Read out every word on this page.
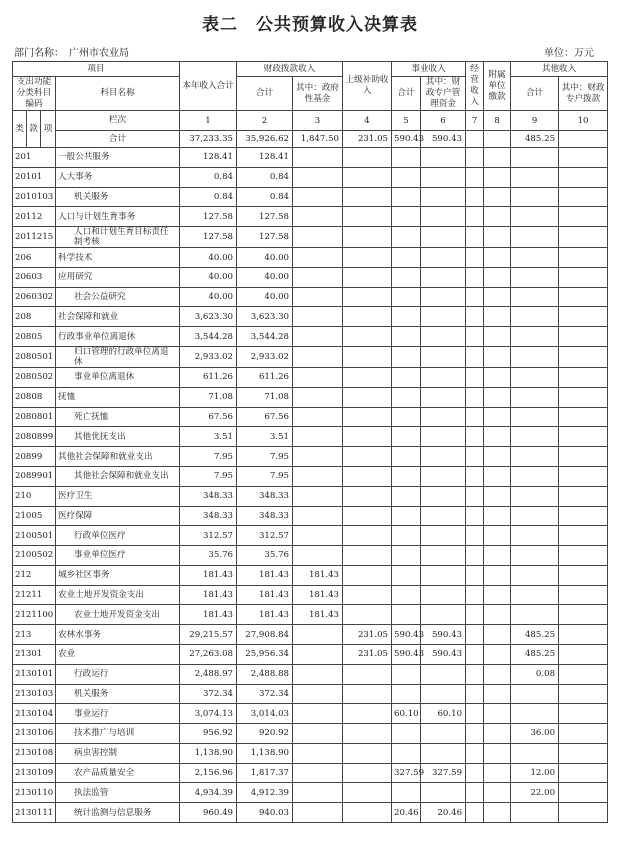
表二　公共预算收入决算表
部门名称：　广州市农业局	单位：万元
项目				本年收入合计	财政拨款收入		上级补助收入	事业收入		经营收入	附属单位缴款	其他收入	
支出功能分类科目编码			科目名称		合计	其中：政府性基金		合计	其中：财政专户管理资金			合计	其中：财政专户拨款
类	款	项	栏次	1	2	3	4	5	6	7	8	9	10
			合计	37,233.35	35,926.62	1,847.50	231.05	590.43	590.43			485.25	
201			一般公共服务	128.41	128.41								
20101			人大事务	0.84	0.84								
2010103			机关服务	0.84	0.84								
20112			人口与计划生育事务	127.58	127.58								
2011215			人口和计划生育目标责任制考核	127.58	127.58								
206			科学技术	40.00	40.00								
20603			应用研究	40.00	40.00								
2060302			社会公益研究	40.00	40.00								
208			社会保障和就业	3,623.30	3,623.30								
20805			行政事业单位离退休	3,544.28	3,544.28								
2080501			归口管理的行政单位离退休	2,933.02	2,933.02								
2080502			事业单位离退休	611.26	611.26								
20808			抚恤	71.08	71.08								
2080801			死亡抚恤	67.56	67.56								
2080899			其他优抚支出	3.51	3.51								
20899			其他社会保障和就业支出	7.95	7.95								
2089901			其他社会保障和就业支出	7.95	7.95								
210			医疗卫生	348.33	348.33								
21005			医疗保障	348.33	348.33								
2100501			行政单位医疗	312.57	312.57								
2100502			事业单位医疗	35.76	35.76								
212			城乡社区事务	181.43	181.43	181.43							
21211			农业土地开发资金支出	181.43	181.43	181.43							
2121100			农业土地开发资金支出	181.43	181.43	181.43							
213			农林水事务	29,215.57	27,908.84		231.05	590.43	590.43			485.25	
21301			农业	27,263.08	25,956.34		231.05	590.43	590.43			485.25	
2130101			行政运行	2,488.97	2,488.88							0.08	
2130103			机关服务	372.34	372.34								
2130104			事业运行	3,074.13	3,014.03			60.10	60.10				
2130106			技术推广与培训	956.92	920.92							36.00	
2130108			病虫害控制	1,138.90	1,138.90								
2130109			农产品质量安全	2,156.96	1,817.37			327.59	327.59			12.00	
2130110			执法监管	4,934.39	4,912.39							22.00	
2130111			统计监测与信息服务	960.49	940.03			20.46	20.46				
